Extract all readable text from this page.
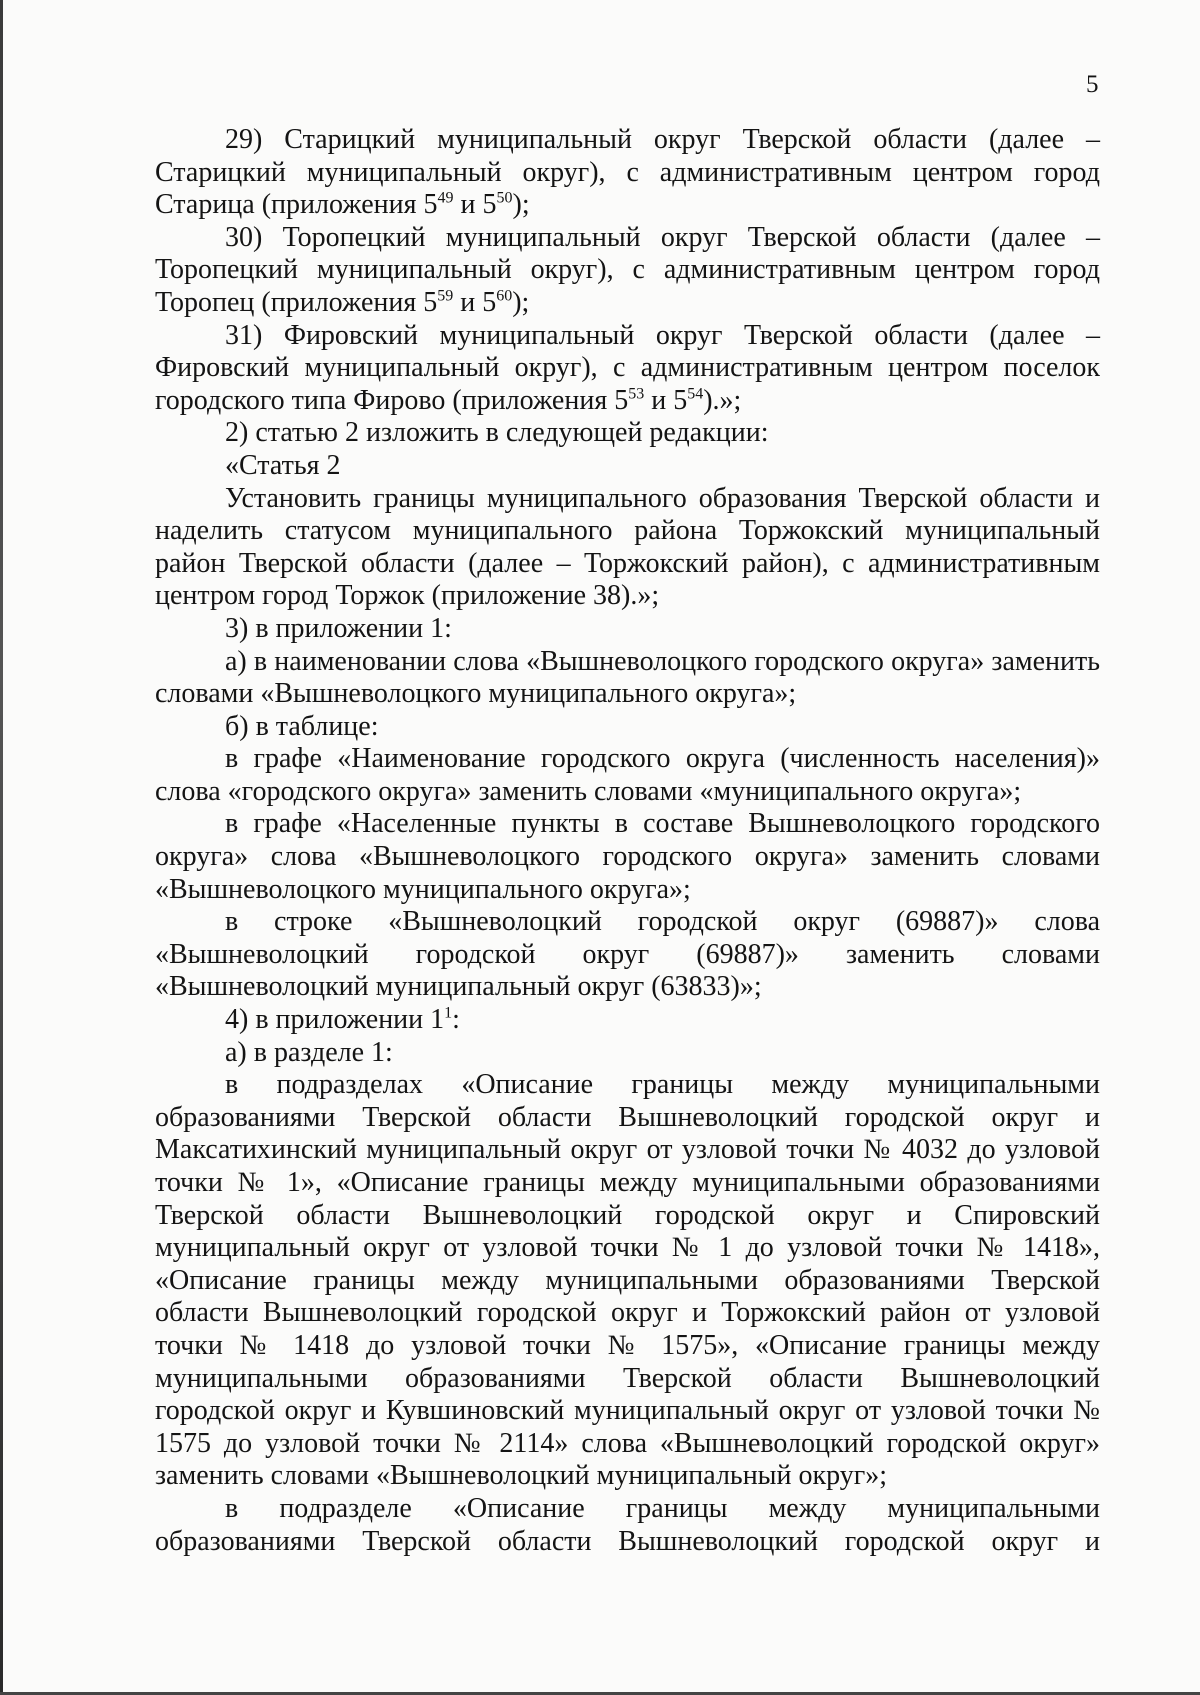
5

29) Старицкий муниципальный округ Тверской области (далее – Старицкий муниципальный округ), с административным центром город Старица (приложения $5^{49}$ и $5^{50}$);

30) Торопецкий муниципальный округ Тверской области (далее – Торопецкий муниципальный округ), с административным центром город Торопец (приложения $5^{59}$ и $5^{60}$);

31) Фировский муниципальный округ Тверской области (далее – Фировский муниципальный округ), с административным центром поселок городского типа Фирово (приложения $5^{53}$ и $5^{54}$).»;

2) статью 2 изложить в следующей редакции:

«Статья 2

Установить границы муниципального образования Тверской области и наделить статусом муниципального района Торжокский муниципальный район Тверской области (далее – Торжокский район), с административным центром город Торжок (приложение 38).»;

3) в приложении 1:

а) в наименовании слова «Вышневолоцкого городского округа» заменить словами «Вышневолоцкого муниципального округа»;

б) в таблице:

в графе «Наименование городского округа (численность населения)» слова «городского округа» заменить словами «муниципального округа»;

в графе «Населенные пункты в составе Вышневолоцкого городского округа» слова «Вышневолоцкого городского округа» заменить словами «Вышневолоцкого муниципального округа»;

в строке «Вышневолоцкий городской округ (69887)» слова «Вышневолоцкий городской округ (69887)» заменить словами «Вышневолоцкий муниципальный округ (63833)»;

4) в приложении $1^1$:

а) в разделе 1:

в подразделах «Описание границы между муниципальными образованиями Тверской области Вышневолоцкий городской округ и Максатихинский муниципальный округ от узловой точки № 4032 до узловой точки № 1», «Описание границы между муниципальными образованиями Тверской области Вышневолоцкий городской округ и Спировский муниципальный округ от узловой точки № 1 до узловой точки № 1418», «Описание границы между муниципальными образованиями Тверской области Вышневолоцкий городской округ и Торжокский район от узловой точки № 1418 до узловой точки № 1575», «Описание границы между муниципальными образованиями Тверской области Вышневолоцкий городской округ и Кувшиновский муниципальный округ от узловой точки № 1575 до узловой точки № 2114» слова «Вышневолоцкий городской округ» заменить словами «Вышневолоцкий муниципальный округ»;

в подразделе «Описание границы между муниципальными образованиями Тверской области Вышневолоцкий городской округ и
